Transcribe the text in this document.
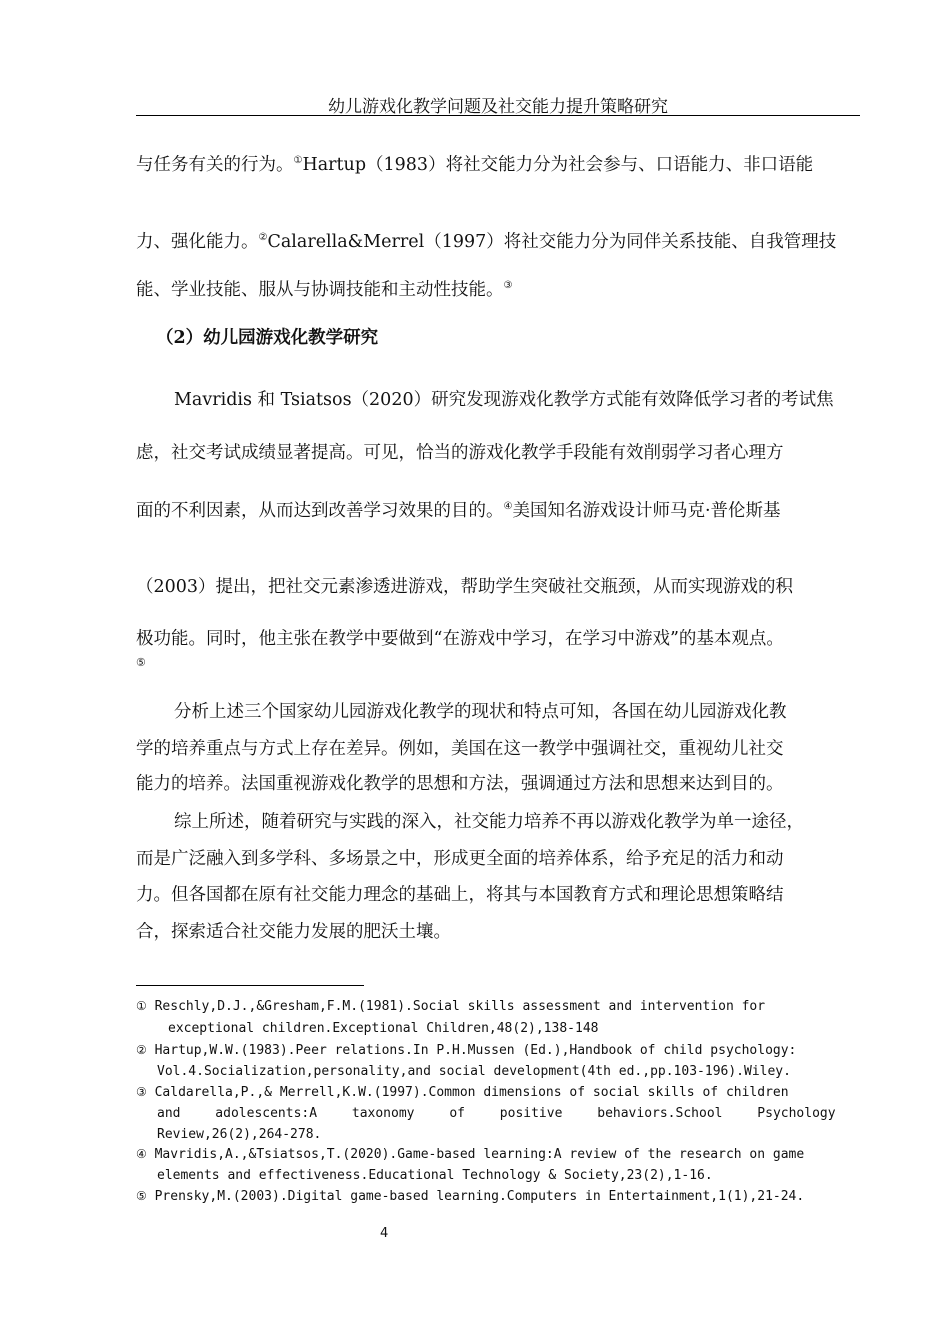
幼儿游戏化教学问题及社交能力提升策略研究
与任务有关的行为。①Hartup（1983）将社交能力分为社会参与、口语能力、非口语能
力、强化能力。②Calarella&Merrel（1997）将社交能力分为同伴关系技能、自我管理技
能、学业技能、服从与协调技能和主动性技能。③
（2）幼儿园游戏化教学研究
Mavridis 和 Tsiatsos（2020）研究发现游戏化教学方式能有效降低学习者的考试焦
虑，社交考试成绩显著提高。可见，恰当的游戏化教学手段能有效削弱学习者心理方
面的不利因素，从而达到改善学习效果的目的。④美国知名游戏设计师马克·普伦斯基
（2003）提出，把社交元素渗透进游戏，帮助学生突破社交瓶颈，从而实现游戏的积
极功能。同时，他主张在教学中要做到“在游戏中学习，在学习中游戏”的基本观点。
⑤
分析上述三个国家幼儿园游戏化教学的现状和特点可知，各国在幼儿园游戏化教
学的培养重点与方式上存在差异。例如，美国在这一教学中强调社交，重视幼儿社交
能力的培养。法国重视游戏化教学的思想和方法，强调通过方法和思想来达到目的。
综上所述，随着研究与实践的深入，社交能力培养不再以游戏化教学为单一途径，
而是广泛融入到多学科、多场景之中，形成更全面的培养体系，给予充足的活力和动
力。但各国都在原有社交能力理念的基础上，将其与本国教育方式和理论思想策略结
合，探索适合社交能力发展的肥沃土壤。
① Reschly,D.J.,&Gresham,F.M.(1981).Social skills assessment and intervention for
exceptional children.Exceptional Children,48(2),138-148
② Hartup,W.W.(1983).Peer relations.In P.H.Mussen (Ed.),Handbook of child psychology:
Vol.4.Socialization,personality,and social development(4th ed.,pp.103-196).Wiley.
③ Caldarella,P.,& Merrell,K.W.(1997).Common dimensions of social skills of children
and adolescents:A taxonomy of positive behaviors.School Psychology
Review,26(2),264-278.
④ Mavridis,A.,&Tsiatsos,T.(2020).Game-based learning:A review of the research on game
elements and effectiveness.Educational Technology & Society,23(2),1-16.
⑤ Prensky,M.(2003).Digital game-based learning.Computers in Entertainment,1(1),21-24.
4
